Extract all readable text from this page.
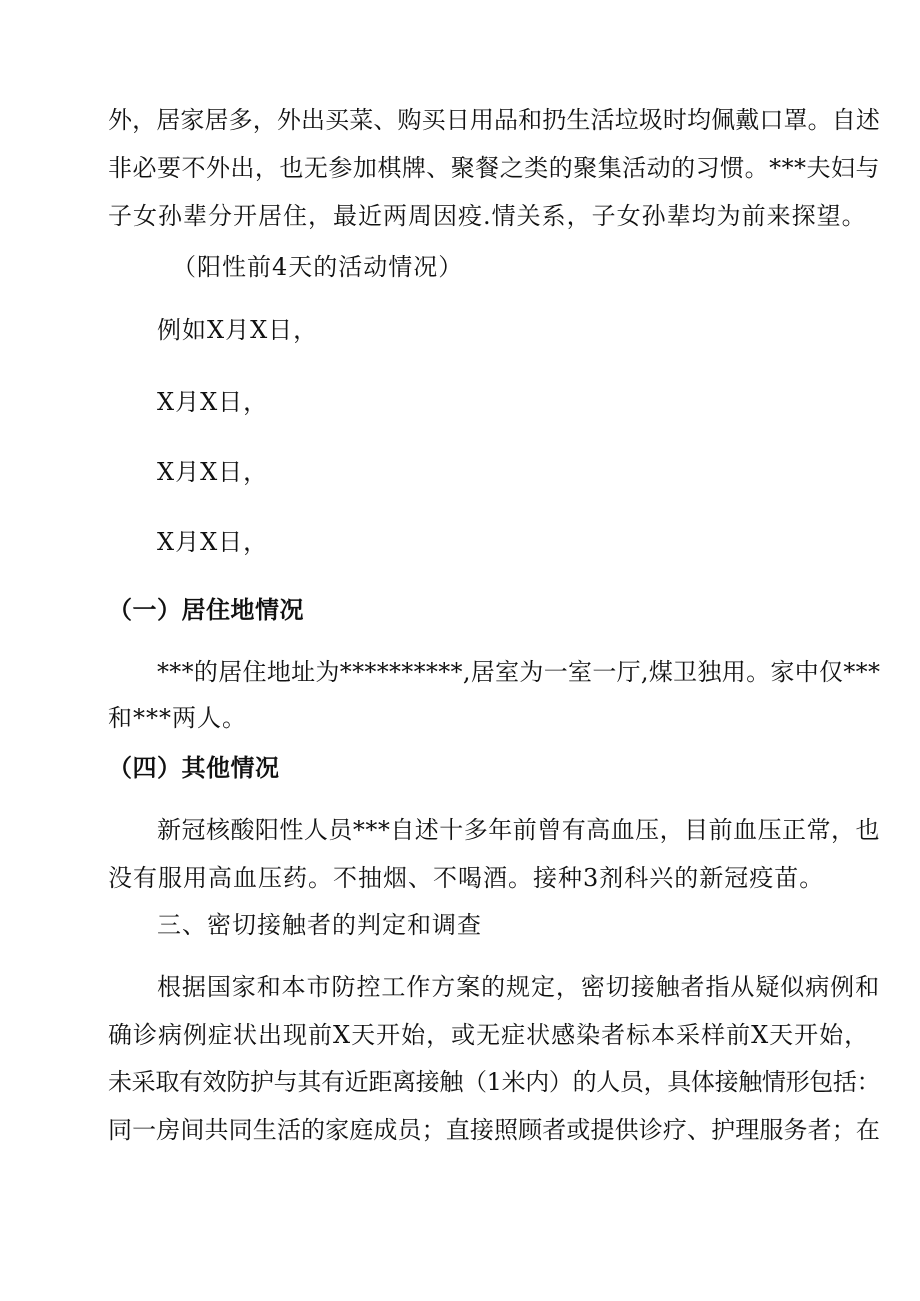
外，居家居多，外出买菜、购买日用品和扔生活垃圾时均佩戴口罩。自述
非必要不外出，也无参加棋牌、聚餐之类的聚集活动的习惯。***夫妇与
子女孙辈分开居住，最近两周因疫.情关系，子女孙辈均为前来探望。
（阳性前4天的活动情况）
例如X月X日，
X月X日，
X月X日，
X月X日，
（一）居住地情况
***的居住地址为**********,居室为一室一厅,煤卫独用。家中仅***
和***两人。
（四）其他情况
新冠核酸阳性人员***自述十多年前曾有高血压，目前血压正常，也
没有服用高血压药。不抽烟、不喝酒。接种3剂科兴的新冠疫苗。
三、密切接触者的判定和调查
根据国家和本市防控工作方案的规定，密切接触者指从疑似病例和
确诊病例症状出现前X天开始，或无症状感染者标本采样前X天开始，
未采取有效防护与其有近距离接触（1米内）的人员，具体接触情形包括：
同一房间共同生活的家庭成员；直接照顾者或提供诊疗、护理服务者；在
